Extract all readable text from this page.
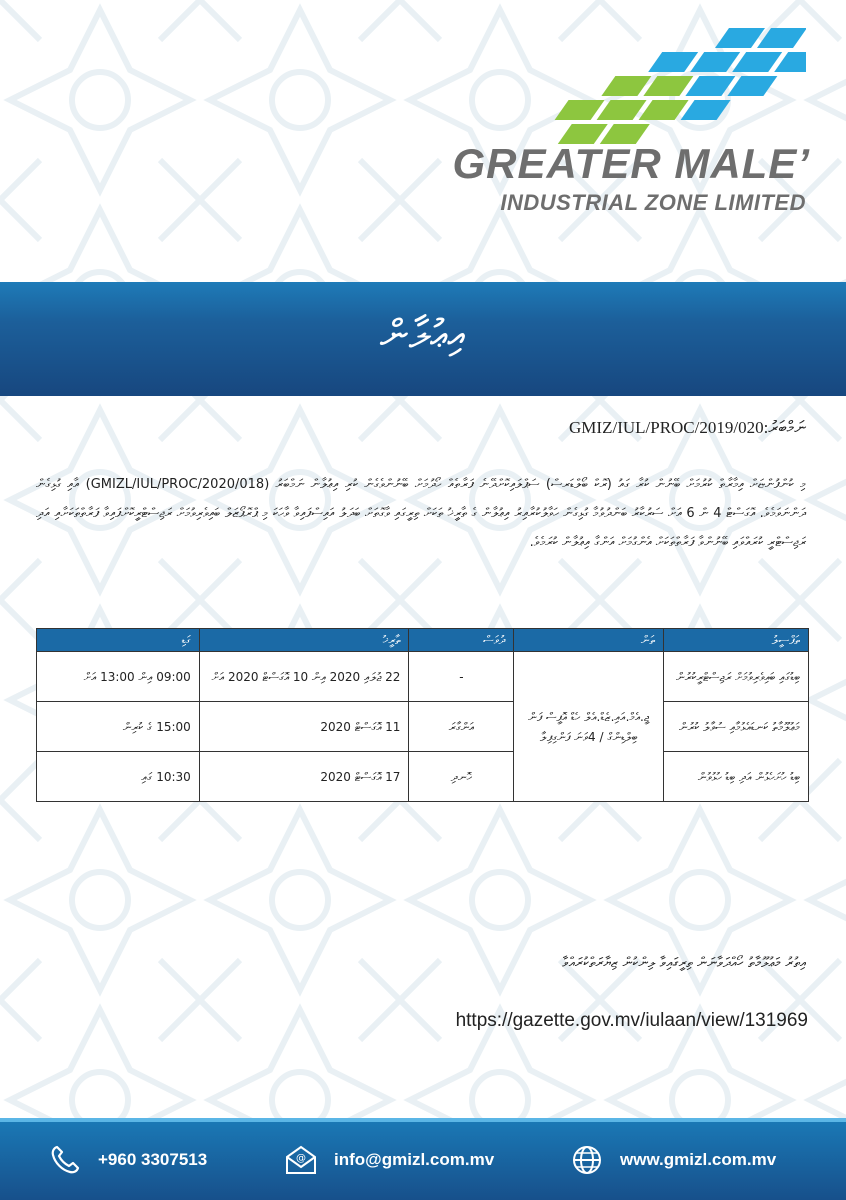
GREATER MALE’
INDUSTRIAL ZONE LIMITED
އިޢުލާން
ނަމްބަރު:GMIZ/IUL/PROC/2019/020
މި ކުންފުންޏަށް އިމާރާތް ކުރުމަށް ބޭނުން ކުރާ ގައު (ރޮކް ބޯލްޑަރސް) ސަޕްލައިކޮށްދޭނެ ފަރާތެއް ހޯދުމަށް ބޭނުންވެގެން ކުރި އިޢުލާން ނަމްބަރު (GMIZL/IUL/PROC/2020/018) އާއި ގުޅިގެން ދަންނަވަމެވެ. އޮގަސްޓް 4 ން 6 އަށް ސަރުކާރު ބަންދުވުމާ ގުޅިގެން ހަވާލުކުރާއިރު އިޢުލާން ގެ ތާރީޚު ތަކަށް ތިރީގައި ވާގޮތަށް ބަދަލު އައިސްފައިވާ ވާހަކަ މި ޕްރޮޕޯޒަލް ބައިވެރިވުމަށް ރަޖިސްޓްރީކޮށްފައިވާ ފަރާތްތަކަށާއި އަދި ރަޖިސްޓްރީ ކުރައްވައި ބޭނުންވާ ފަރާތްތަކަށް އެންގުމަށް އަންގާ އިޢުލާން ކުރަމެވެ.
ތަފްސީލު	ތަން	ދުވަސް	ތާރީޚު	ގަޑި
ބިޑުގައި ބައިވެރިވުމަށް ރަޖިސްޓްރީކުރުން	ޖީ.އެމް.އައި.ޒެޑް.އެލް ހެޑް އޮފީސް ފަން ބިލްޑިންގް / 4ވަނަ ފަންގިފިލާ	-	22 ޖުލައި 2020 އިން 10 އޮގަސްޓް 2020 އަށް	09:00 އިން 13:00 އަށް
މަޢުލޫމާތު ކަނޑައެޅުމާއި ސުވާލު ކުރުން		އަންގާރަ	11 އޮގަސްޓް 2020	15:00 ގެ ކުރިން
ބިޑު ހުށަހެޅުން އަދި ބިޑު ހުޅުވުން		ހޮނދި	17 އޮގަސްޓް 2020	10:30 ގައި
އިތުރު މަޢުލޫމާތު ހޯއްދަވާނަން ތިރީގައިވާ ލިންކުން ޒިޔާރަތްކުރައްވާ
https://gazette.gov.mv/iulaan/view/131969
+960 3307513	@ info@gmizl.com.mv	www.gmizl.com.mv
